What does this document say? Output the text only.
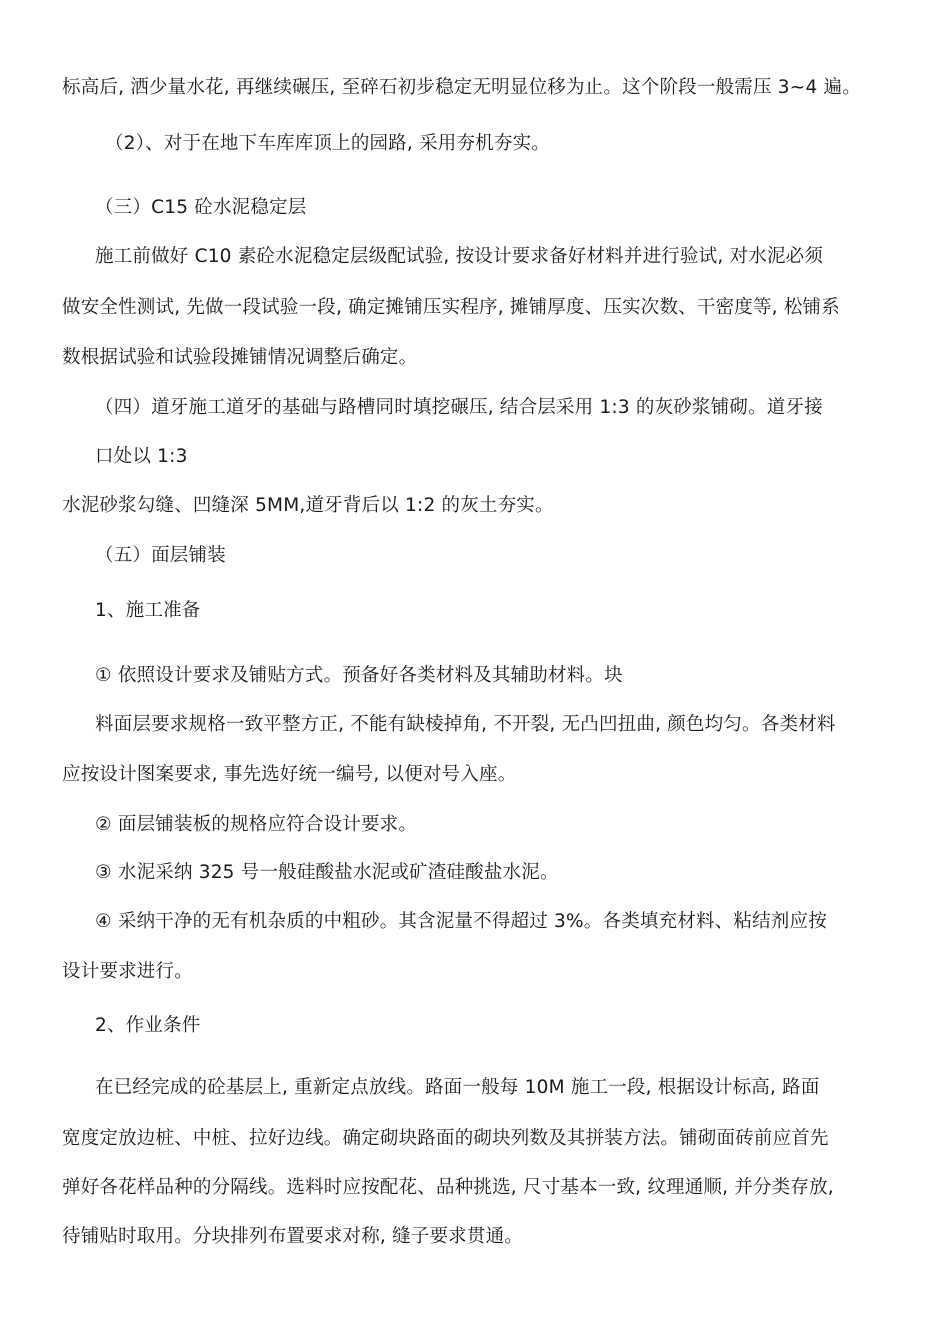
标高后, 洒少量水花, 再继续碾压, 至碎石初步稳定无明显位移为止。这个阶段一般需压 3~4 遍。
（2）、对于在地下车库库顶上的园路, 采用夯机夯实。
（三）C15 砼水泥稳定层
施工前做好 C10 素砼水泥稳定层级配试验, 按设计要求备好材料并进行验试, 对水泥必须
做安全性测试, 先做一段试验一段, 确定摊铺压实程序, 摊铺厚度、压实次数、干密度等, 松铺系
数根据试验和试验段摊铺情况调整后确定。
（四）道牙施工道牙的基础与路槽同时填挖碾压, 结合层采用 1:3 的灰砂浆铺砌。道牙接
口处以 1:3
水泥砂浆勾缝、凹缝深 5MM,道牙背后以 1:2 的灰土夯实。
（五）面层铺装
1、施工准备
① 依照设计要求及铺贴方式。预备好各类材料及其辅助材料。块
料面层要求规格一致平整方正, 不能有缺棱掉角, 不开裂, 无凸凹扭曲, 颜色均匀。各类材料
应按设计图案要求, 事先选好统一编号, 以便对号入座。
② 面层铺装板的规格应符合设计要求。
③ 水泥采纳 325 号一般硅酸盐水泥或矿渣硅酸盐水泥。
④ 采纳干净的无有机杂质的中粗砂。其含泥量不得超过 3%。各类填充材料、粘结剂应按
设计要求进行。
2、作业条件
在已经完成的砼基层上, 重新定点放线。路面一般每 10M 施工一段, 根据设计标高, 路面
宽度定放边桩、中桩、拉好边线。确定砌块路面的砌块列数及其拼装方法。铺砌面砖前应首先
弹好各花样品种的分隔线。选料时应按配花、品种挑选, 尺寸基本一致, 纹理通顺, 并分类存放,
待铺贴时取用。分块排列布置要求对称, 缝子要求贯通。
